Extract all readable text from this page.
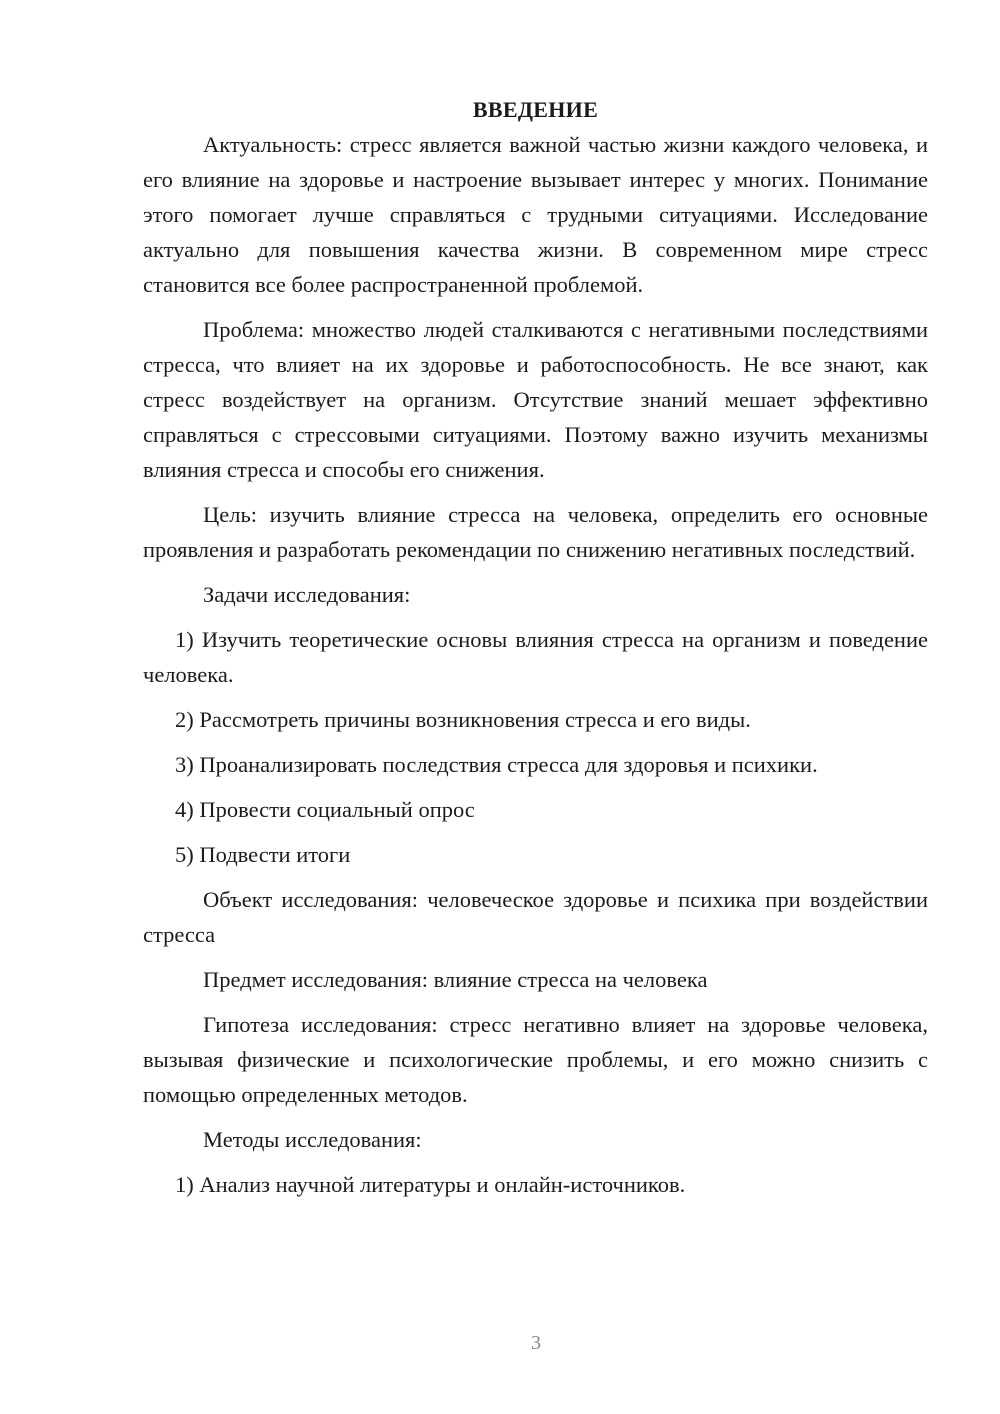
ВВЕДЕНИЕ

Актуальность: стресс является важной частью жизни каждого человека, и его влияние на здоровье и настроение вызывает интерес у многих. Понимание этого помогает лучше справляться с трудными ситуациями. Исследование актуально для повышения качества жизни. В современном мире стресс становится все более распространенной проблемой.

Проблема: множество людей сталкиваются с негативными последствиями стресса, что влияет на их здоровье и работоспособность. Не все знают, как стресс воздействует на организм. Отсутствие знаний мешает эффективно справляться с стрессовыми ситуациями. Поэтому важно изучить механизмы влияния стресса и способы его снижения.

Цель: изучить влияние стресса на человека, определить его основные проявления и разработать рекомендации по снижению негативных последствий.

Задачи исследования:

1) Изучить теоретические основы влияния стресса на организм и поведение человека.

2) Рассмотреть причины возникновения стресса и его виды.

3) Проанализировать последствия стресса для здоровья и психики.

4) Провести социальный опрос

5) Подвести итоги

Объект исследования: человеческое здоровье и психика при воздействии стресса

Предмет исследования: влияние стресса на человека

Гипотеза исследования: стресс негативно влияет на здоровье человека, вызывая физические и психологические проблемы, и его можно снизить с помощью определенных методов.

Методы исследования:

1) Анализ научной литературы и онлайн-источников.

3
